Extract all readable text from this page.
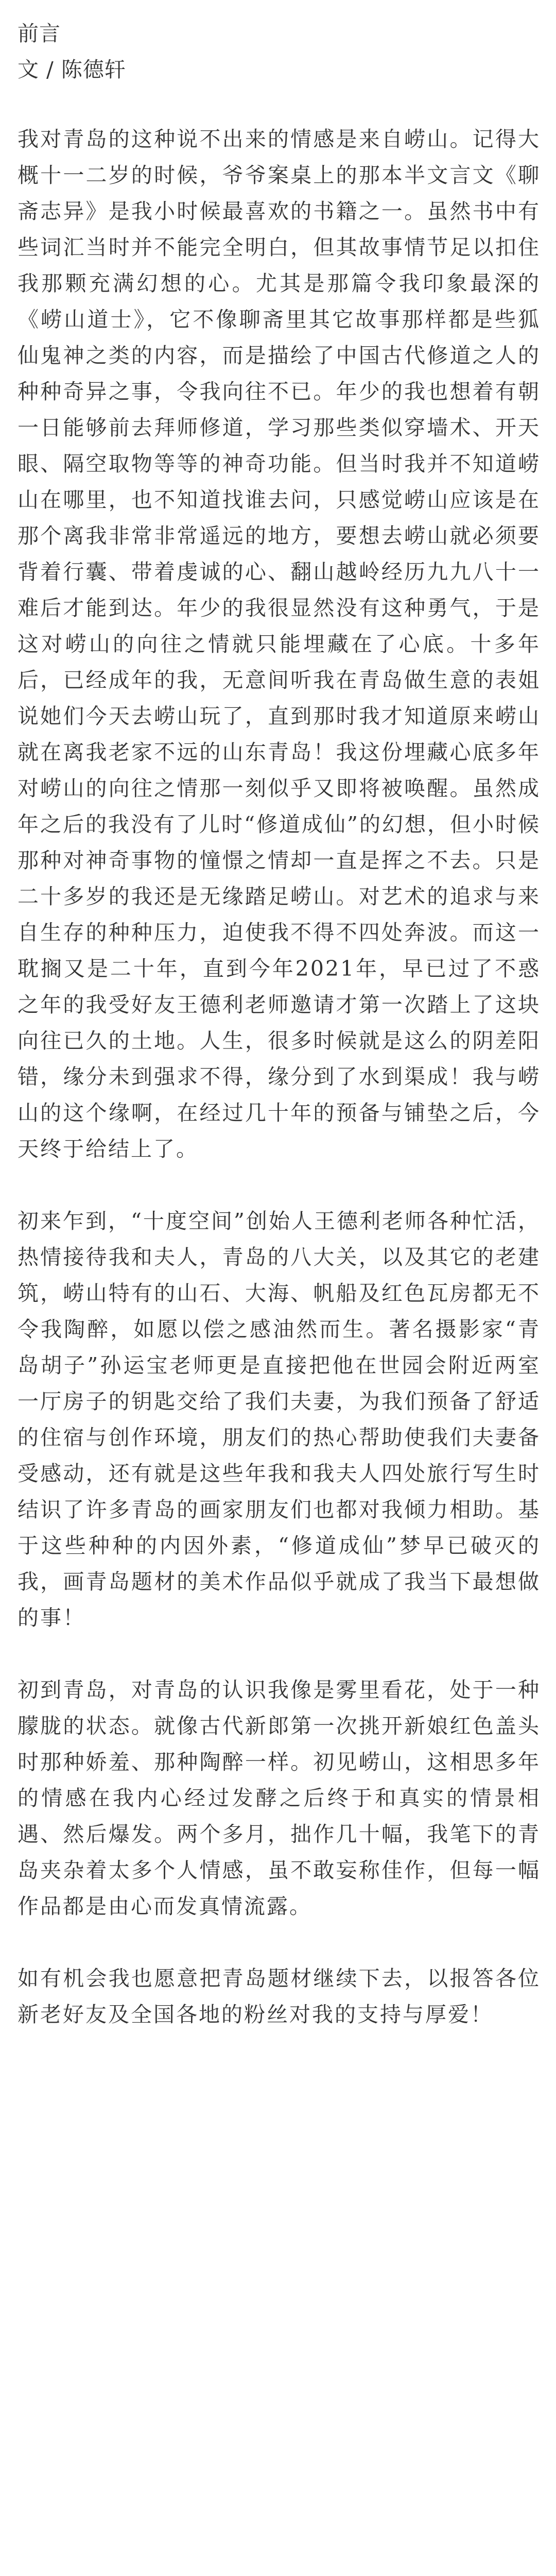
前言
文 / 陈德轩

我对青岛的这种说不出来的情感是来自崂山。记得大概十一二岁的时候，爷爷案桌上的那本半文言文《聊斋志异》是我小时候最喜欢的书籍之一。虽然书中有些词汇当时并不能完全明白，但其故事情节足以扣住我那颗充满幻想的心。尤其是那篇令我印象最深的《崂山道士》，它不像聊斋里其它故事那样都是些狐仙鬼神之类的内容，而是描绘了中国古代修道之人的种种奇异之事，令我向往不已。年少的我也想着有朝一日能够前去拜师修道，学习那些类似穿墙术、开天眼、隔空取物等等的神奇功能。但当时我并不知道崂山在哪里，也不知道找谁去问，只感觉崂山应该是在那个离我非常非常遥远的地方，要想去崂山就必须要背着行囊、带着虔诚的心、翻山越岭经历九九八十一难后才能到达。年少的我很显然没有这种勇气，于是这对崂山的向往之情就只能埋藏在了心底。十多年后，已经成年的我，无意间听我在青岛做生意的表姐说她们今天去崂山玩了，直到那时我才知道原来崂山就在离我老家不远的山东青岛！我这份埋藏心底多年对崂山的向往之情那一刻似乎又即将被唤醒。虽然成年之后的我没有了儿时“修道成仙”的幻想，但小时候那种对神奇事物的憧憬之情却一直是挥之不去。只是二十多岁的我还是无缘踏足崂山。对艺术的追求与来自生存的种种压力，迫使我不得不四处奔波。而这一耽搁又是二十年，直到今年2021年，早已过了不惑之年的我受好友王德利老师邀请才第一次踏上了这块向往已久的土地。人生，很多时候就是这么的阴差阳错，缘分未到强求不得，缘分到了水到渠成！我与崂山的这个缘啊，在经过几十年的预备与铺垫之后，今天终于给结上了。

初来乍到，“十度空间”创始人王德利老师各种忙活，热情接待我和夫人，青岛的八大关，以及其它的老建筑，崂山特有的山石、大海、帆船及红色瓦房都无不令我陶醉，如愿以偿之感油然而生。著名摄影家“青岛胡子”孙运宝老师更是直接把他在世园会附近两室一厅房子的钥匙交给了我们夫妻，为我们预备了舒适的住宿与创作环境，朋友们的热心帮助使我们夫妻备受感动，还有就是这些年我和我夫人四处旅行写生时结识了许多青岛的画家朋友们也都对我倾力相助。基于这些种种的内因外素，“修道成仙”梦早已破灭的我，画青岛题材的美术作品似乎就成了我当下最想做的事！

初到青岛，对青岛的认识我像是雾里看花，处于一种朦胧的状态。就像古代新郎第一次挑开新娘红色盖头时那种娇羞、那种陶醉一样。初见崂山，这相思多年的情感在我内心经过发酵之后终于和真实的情景相遇、然后爆发。两个多月，拙作几十幅，我笔下的青岛夹杂着太多个人情感，虽不敢妄称佳作，但每一幅作品都是由心而发真情流露。

如有机会我也愿意把青岛题材继续下去，以报答各位新老好友及全国各地的粉丝对我的支持与厚爱！
